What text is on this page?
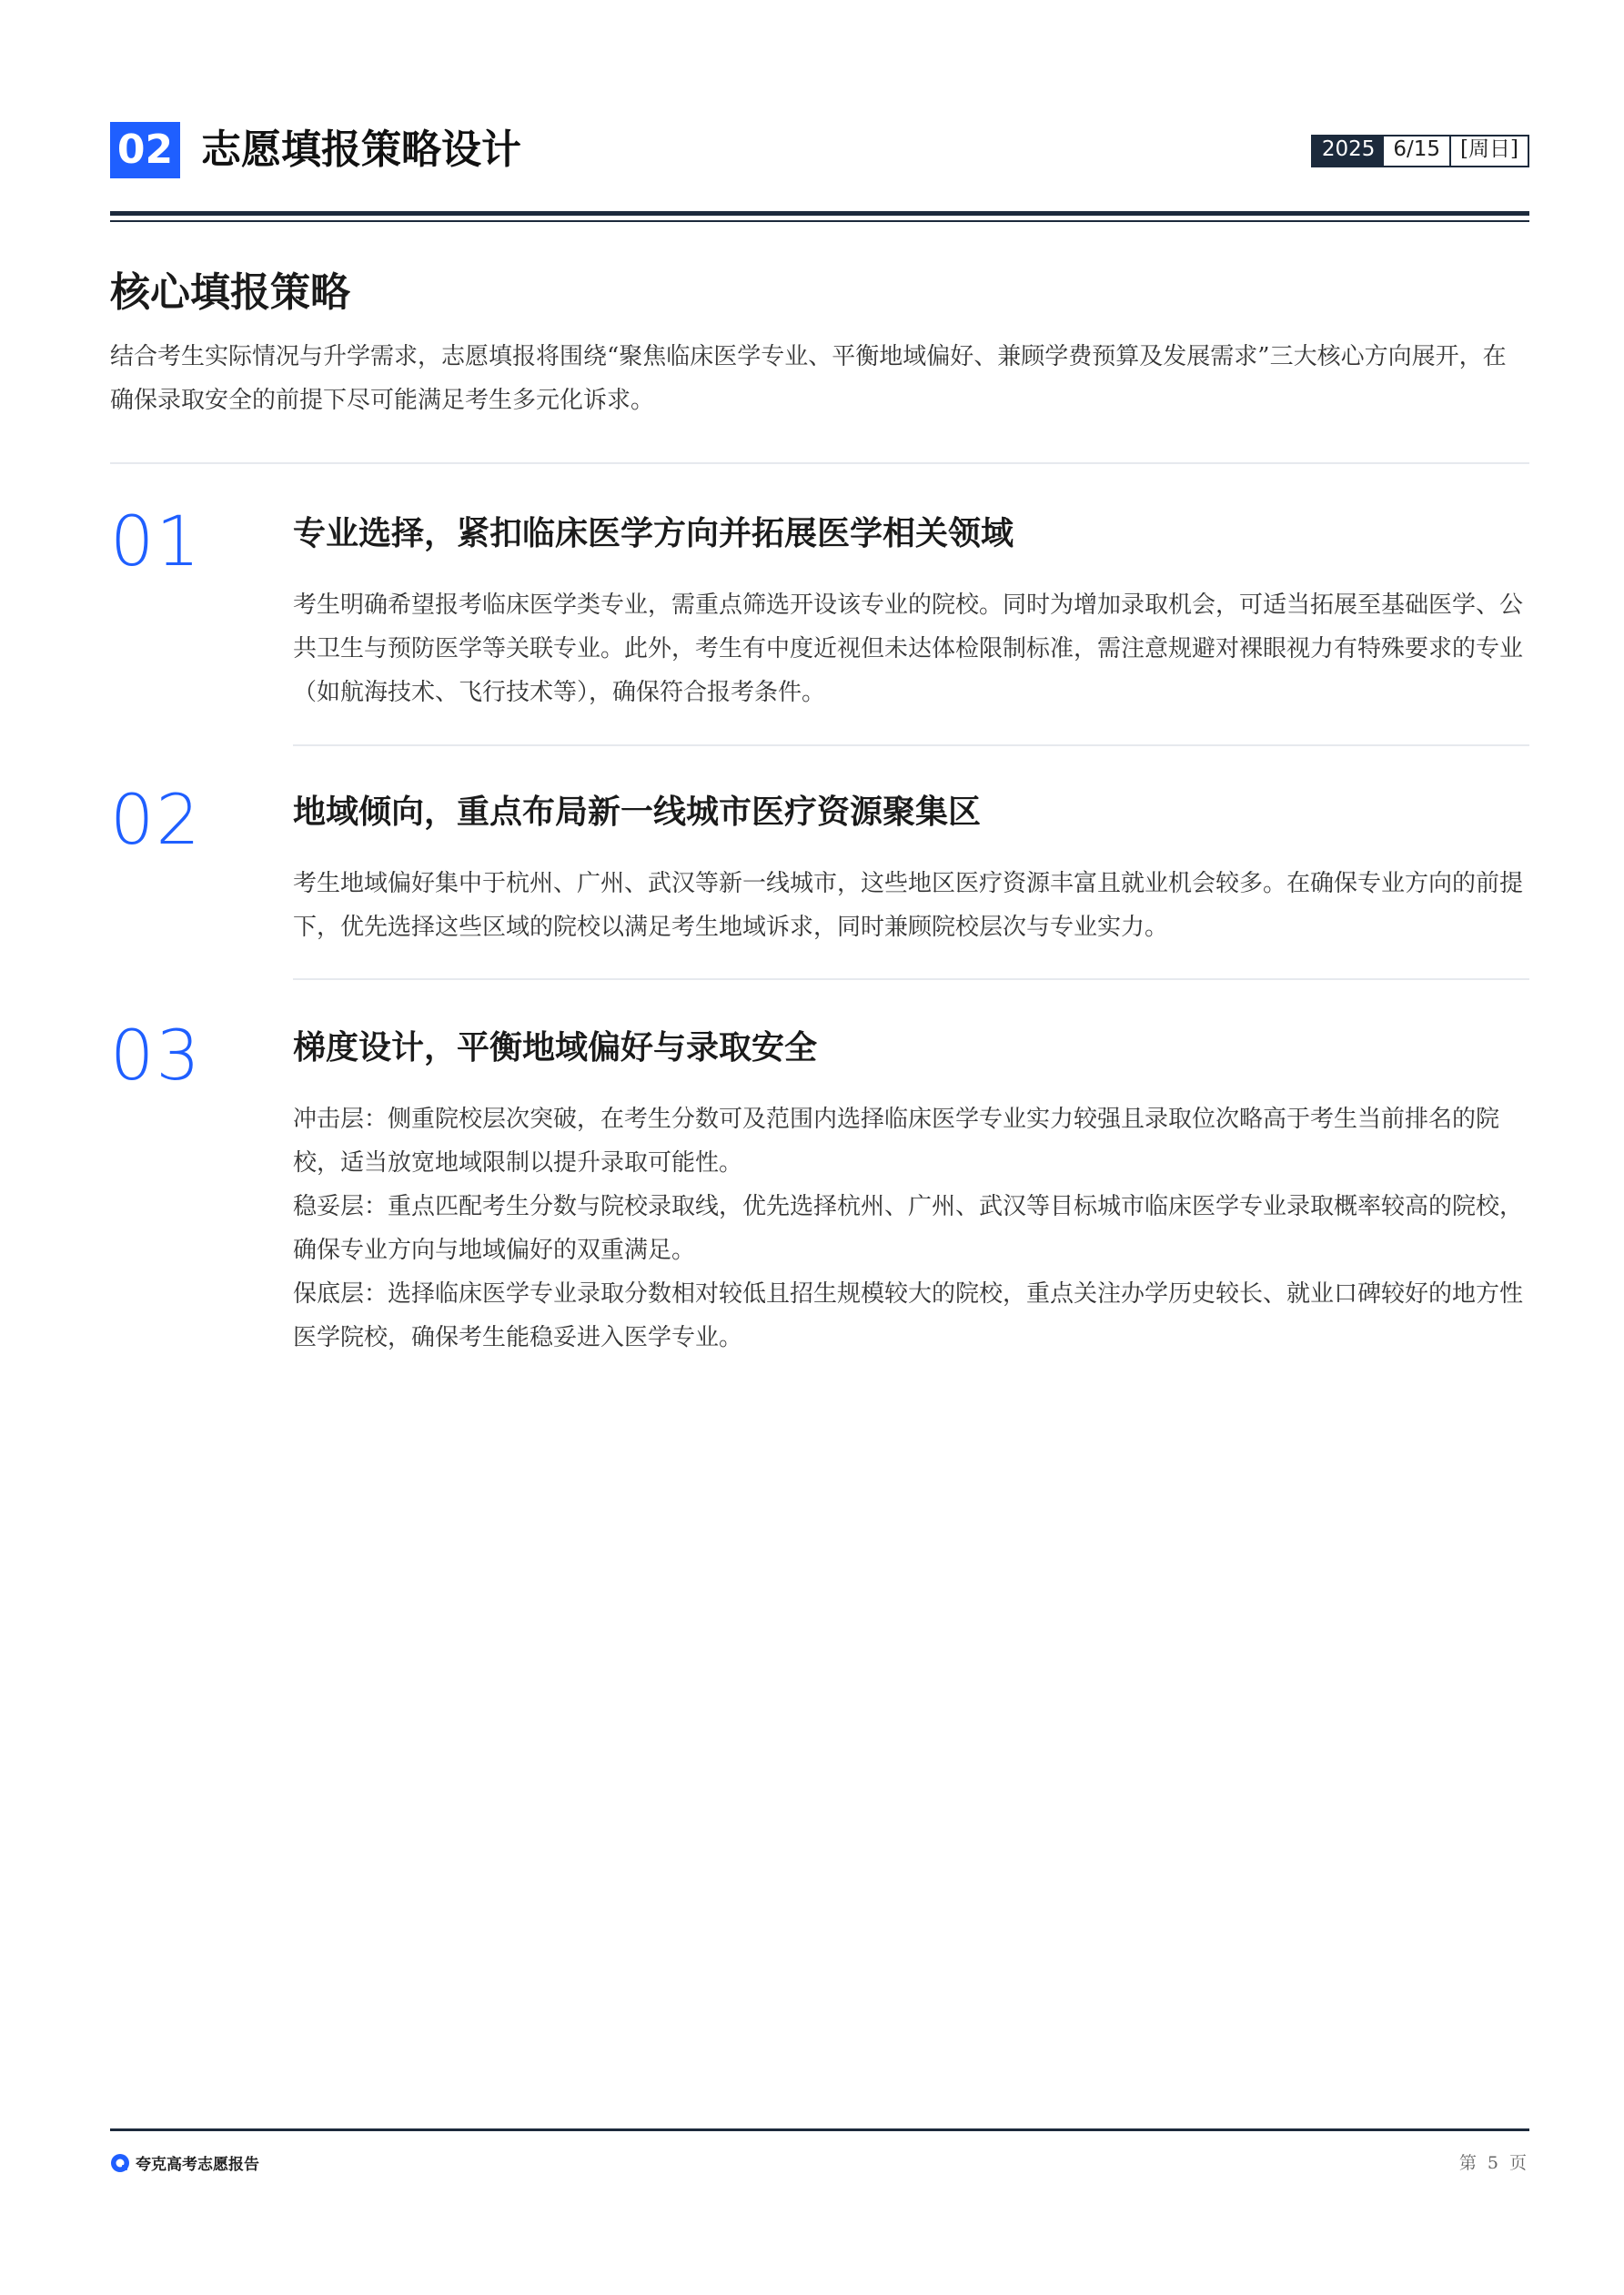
02 志愿填报策略设计	2025 6/15 [周日]
核心填报策略
结合考生实际情况与升学需求，志愿填报将围绕“聚焦临床医学专业、平衡地域偏好、兼顾学费预算及发展需求”三大核心方向展开，在确保录取安全的前提下尽可能满足考生多元化诉求。
01	专业选择，紧扣临床医学方向并拓展医学相关领域
考生明确希望报考临床医学类专业，需重点筛选开设该专业的院校。同时为增加录取机会，可适当拓展至基础医学、公共卫生与预防医学等关联专业。此外，考生有中度近视但未达体检限制标准，需注意规避对裸眼视力有特殊要求的专业（如航海技术、飞行技术等），确保符合报考条件。
02	地域倾向，重点布局新一线城市医疗资源聚集区
考生地域偏好集中于杭州、广州、武汉等新一线城市，这些地区医疗资源丰富且就业机会较多。在确保专业方向的前提下，优先选择这些区域的院校以满足考生地域诉求，同时兼顾院校层次与专业实力。
03	梯度设计，平衡地域偏好与录取安全

冲击层：侧重院校层次突破，在考生分数可及范围内选择临床医学专业实力较强且录取位次略高于考生当前排名的院校，适当放宽地域限制以提升录取可能性。

稳妥层：重点匹配考生分数与院校录取线，优先选择杭州、广州、武汉等目标城市临床医学专业录取概率较高的院校，确保专业方向与地域偏好的双重满足。

保底层：选择临床医学专业录取分数相对较低且招生规模较大的院校，重点关注办学历史较长、就业口碑较好的地方性医学院校，确保考生能稳妥进入医学专业。

夸克高考志愿报告	第 5 页
